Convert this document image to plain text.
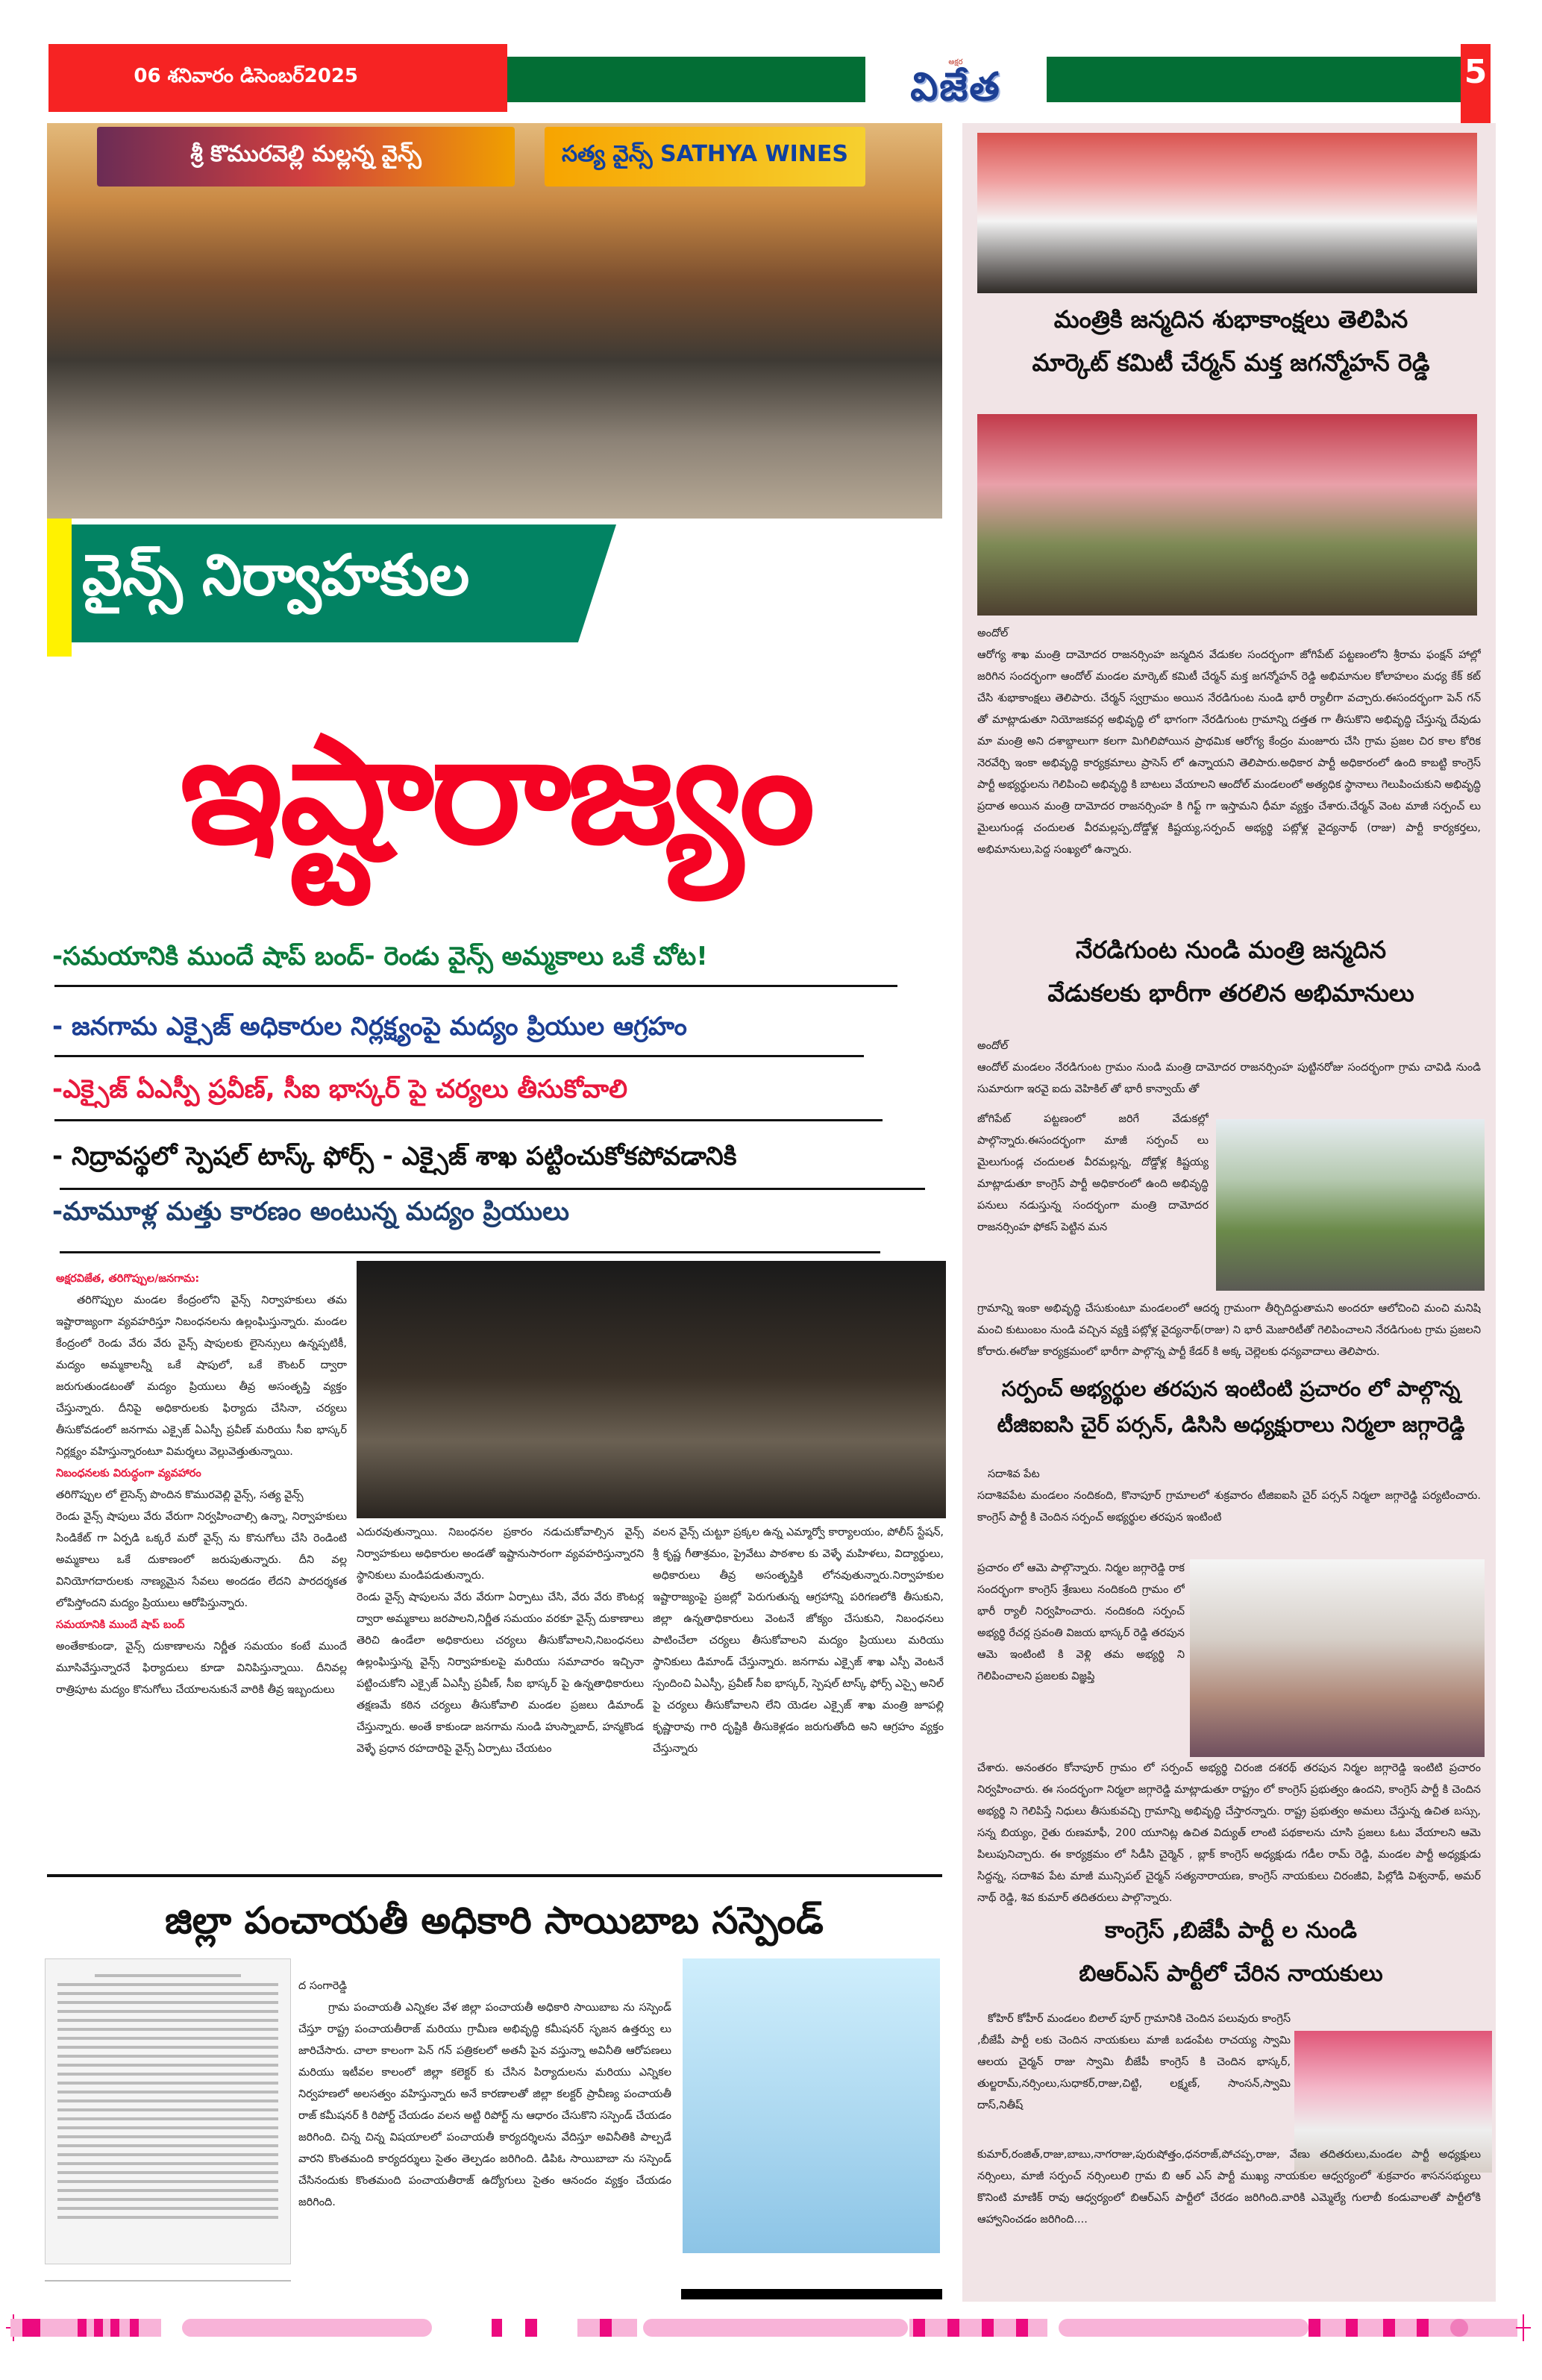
06 శనివారం డిసెంబర్2025
అక్షర
విజేత	5
శ్రీ కొమురవెల్లి మల్లన్న వైన్స్	సత్య వైన్స్ SATHYA WINES
వైన్స్ నిర్వాహకుల
ఇష్టారాజ్యం
-సమయానికి ముందే షాప్ బంద్- రెండు వైన్స్ అమ్మకాలు ఒకే చోట!
- జనగామ ఎక్సైజ్ అధికారుల నిర్లక్ష్యంపై మద్యం ప్రియుల ఆగ్రహం
-ఎక్సైజ్ ఏఎస్పీ ప్రవీణ్, సీఐ భాస్కర్ పై చర్యలు తీసుకోవాలి
- నిద్రావస్థలో స్పెషల్ టాస్క్ ఫోర్స్ - ఎక్సైజ్ శాఖ పట్టించుకోకపోవడానికి
-మామూళ్ల మత్తు కారణం అంటున్న మద్యం ప్రియులు
అక్షరవిజేత, తరిగొప్పుల/జనగామ:
తరిగొప్పుల మండల కేంద్రంలోని వైన్స్ నిర్వాహకులు తమ ఇష్టారాజ్యంగా వ్యవహరిస్తూ నిబంధనలను ఉల్లంఘిస్తున్నారు. మండల కేంద్రంలో రెండు వేరు వేరు వైన్స్ షాపులకు లైసెన్సులు ఉన్నప్పటికీ, మద్యం అమ్మకాలన్నీ ఒకే షాపులో, ఒకే కౌంటర్ ద్వారా జరుగుతుండటంతో మద్యం ప్రియులు తీవ్ర అసంతృప్తి వ్యక్తం చేస్తున్నారు. దీనిపై అధికారులకు ఫిర్యాదు చేసినా, చర్యలు తీసుకోవడంలో జనగామ ఎక్సైజ్ ఏఎస్పీ ప్రవీణ్ మరియు సీఐ భాస్కర్ నిర్లక్ష్యం వహిస్తున్నారంటూ విమర్శలు వెల్లువెత్తుతున్నాయి.
నిబంధనలకు విరుద్ధంగా వ్యవహారం
తరిగొప్పుల లో లైసెన్స్ పొందిన కొమురవెల్లి వైన్స్, సత్య వైన్స్
రెండు వైన్స్ షాపులు వేరు వేరుగా నిర్వహించాల్సి ఉన్నా, నిర్వాహకులు సిండికేట్ గా ఏర్పడి ఒక్కరే మరో వైన్స్ ను కొనుగోలు చేసి రెండింటి అమ్మకాలు ఒకే దుకాణంలో జరుపుతున్నారు. దీని వల్ల వినియోగదారులకు నాణ్యమైన సేవలు అందడం లేదని పారదర్శకత లోపిస్తోందని మద్యం ప్రియులు ఆరోపిస్తున్నారు.
సమయానికి ముందే షాప్ బంద్
అంతేకాకుండా, వైన్స్ దుకాణాలను నిర్ణీత సమయం కంటే ముందే మూసివేస్తున్నారనే ఫిర్యాదులు కూడా వినిపిస్తున్నాయి. దీనివల్ల రాత్రిపూట మద్యం కొనుగోలు చేయాలనుకునే వారికి తీవ్ర ఇబ్బందులు
ఎదురవుతున్నాయి. నిబంధనల ప్రకారం నడుచుకోవాల్సిన వైన్స్ నిర్వాహకులు అధికారుల అండతో ఇష్టానుసారంగా వ్యవహరిస్తున్నారని స్థానికులు మండిపడుతున్నారు.
రెండు వైన్స్ షాపులను వేరు వేరుగా ఏర్పాటు చేసి, వేరు వేరు కౌంటర్ల ద్వారా అమ్మకాలు జరపాలని,నిర్ణీత సమయం వరకూ వైన్స్ దుకాణాలు తెరిచి ఉండేలా అధికారులు చర్యలు తీసుకోవాలని,నిబంధనలు ఉల్లంఘిస్తున్న వైన్స్ నిర్వాహకులపై మరియు సమాచారం ఇచ్చినా పట్టించుకోని ఎక్సైజ్ ఏఎస్పీ ప్రవీణ్, సీఐ భాస్కర్ పై ఉన్నతాధికారులు తక్షణమే కఠిన చర్యలు తీసుకోవాలి మండల ప్రజలు డిమాండ్ చేస్తున్నారు. అంతే కాకుండా జనగామ నుండి హుస్నాబాద్, హన్మకొండ వెళ్ళే ప్రధాన రహదారిపై వైన్స్ ఏర్పాటు చేయటం
వలన వైన్స్ చుట్టూ ప్రక్కల ఉన్న ఎమ్మార్వో కార్యాలయం, పోలీస్ స్టేషన్, శ్రీ కృష్ణ గీతాశ్రమం, ప్రైవేటు పాఠశాల కు వెళ్ళే మహిళలు, విద్యార్థులు, అధికారులు తీవ్ర అసంతృప్తికి లోనవుతున్నారు.నిర్వాహకుల ఇష్టారాజ్యంపై ప్రజల్లో పెరుగుతున్న ఆగ్రహాన్ని పరిగణలోకి తీసుకుని, జిల్లా ఉన్నతాధికారులు వెంటనే జోక్యం చేసుకుని, నిబంధనలు పాటించేలా చర్యలు తీసుకోవాలని మద్యం ప్రియులు మరియు స్థానికులు డిమాండ్ చేస్తున్నారు. జనగామ ఎక్సైజ్ శాఖ ఎస్పీ వెంటనే స్పందించి ఏఎస్పీ, ప్రవీణ్ సీఐ భాస్కర్, స్పెషల్ టాస్క్ ఫోర్స్ ఎస్సై అనిల్ పై చర్యలు తీసుకోవాలని లేని యెడల ఎక్సైజ్ శాఖ మంత్రి జూపల్లి కృష్ణారావు గారి దృష్టికి తీసుకెళ్లడం జరుగుతోంది అని ఆగ్రహం వ్యక్తం చేస్తున్నారు
జిల్లా పంచాయతీ అధికారి సాయిబాబ సస్పెండ్
ద సంగారెడ్డి
గ్రామ పంచాయతీ ఎన్నికల వేళ జిల్లా పంచాయతీ అధికారి సాయిబాబ ను సస్పెండ్ చేస్తూ రాష్ట్ర పంచాయతీరాజ్ మరియు గ్రామీణ అభివృద్ధి కమీషనర్ సృజన ఉత్తర్వు లు జారిచేసారు. చాలా కాలంగా పెన్ గన్ పత్రికలలో అతనీ పైన వస్తున్నా అవినీతి ఆరోపణలు మరియు ఇటీవల కాలంలో జిల్లా కలెక్టర్ కు చేసిన పిర్యాదులను మరియు ఎన్నికల నిర్వహణలో అలసత్వం వహిస్తున్నారు అనే కారణాలతో జిల్లా కలక్టర్ ప్రావీణ్య పంచాయతీ రాజ్ కమీషనర్ కి రిపోర్ట్ చేయడం వలన అట్టి రిపోర్ట్ ను ఆధారం చేసుకొని సస్పెండ్ చేయడం జరిగింది. చిన్న చిన్న విషయాలలో పంచాయతీ కార్యదర్శిలను వేదిస్తూ అవినీతికి పాల్పడే వారని కొంతమంది కార్యదర్శులు సైతం తెల్పడం జరిగింది. డిపిఓ సాయిబాబా ను సస్పెండ్ చేసినందుకు కొంతమంది పంచాయతీరాజ్ ఉద్యోగులు సైతం ఆనందం వ్యక్తం చేయడం జరిగింది.
మంత్రికి జన్మదిన శుభాకాంక్షలు తెలిపిన
మార్కెట్ కమిటీ చేర్మన్ మక్త జగన్మోహన్ రెడ్డి
అందోల్
ఆరోగ్య శాఖ మంత్రి దామోదర రాజనర్సింహ జన్మదిన వేడుకల సందర్భంగా జోగిపేట్ పట్టణంలోని శ్రీరామ ఫంక్షన్ హాల్లో జరిగిన సందర్భంగా ఆందోల్ మండల మార్కెట్ కమిటీ చేర్మన్ మక్త జగన్మోహన్ రెడ్డి అభిమానుల కోలాహలం మధ్య కేక్ కట్ చేసి శుభాకాంక్షలు తెలిపారు. చేర్మన్ స్వగ్రామం అయిన నేరడిగుంట నుండి భారీ ర్యాలీగా వచ్చారు.ఈసందర్భంగా పెన్ గన్ తో మాట్లాడుతూ నియోజకవర్గ అభివృద్ధి లో భాగంగా నేరడిగుంట గ్రామాన్ని దత్తత గా తీసుకొని అభివృద్ధి చేస్తున్న దేవుడు మా మంత్రి అని దశాబ్దాలుగా కలగా మిగిలిపోయిన ప్రాథమిక ఆరోగ్య కేంద్రం మంజూరు చేసి గ్రామ ప్రజల చిర కాల కోరిక నెరవేర్చి ఇంకా అభివృద్ధి కార్యక్రమాలు ప్రాసెస్ లో ఉన్నాయని తెలిపారు.అధికార పార్టీ అధికారంలో ఉంది కాబట్టి కాంగ్రెస్ పార్టీ అభ్యర్థులను గెలిపించి అభివృద్ధి కి బాటలు వేయాలని ఆందోల్ మండలంలో అత్యధిక స్థానాలు గెలుపించుకుని అభివృద్ధి ప్రదాత అయిన మంత్రి దామోదర రాజనర్సింహ కి గిఫ్ట్ గా ఇస్తామని ధీమా వ్యక్తం చేశారు.చేర్మన్ వెంట మాజీ సర్పంచ్ లు మైలుగుండ్ల చందులత వీరమల్లప్ప,దోడ్డోళ్ల కిష్టయ్య,సర్పంచ్ అభ్యర్థి పట్లోళ్ల వైద్యనాథ్ (రాజు) పార్టీ కార్యకర్తలు, అభిమానులు,పెద్ద సంఖ్యలో ఉన్నారు.
నేరడిగుంట నుండి మంత్రి జన్మదిన
వేడుకలకు భారీగా తరలిన అభిమానులు
అందోల్
ఆందోల్ మండలం నేరడిగుంట గ్రామం నుండి మంత్రి దామోదర రాజనర్సింహ పుట్టినరోజు సందర్భంగా గ్రామ చావిడి నుండి సుమారుగా ఇరవై ఐదు వెహికిల్ తో భారీ కాన్వాయ్ తో
జోగిపేట్ పట్టణంలో జరిగే వేడుకల్లో పాల్గొన్నారు.ఈసందర్భంగా మాజీ సర్పంచ్ లు మైలుగుండ్ల చందులత వీరమల్లన్న, దోడ్డోళ్ల కిష్టయ్య మాట్లాడుతూ కాంగ్రెస్ పార్టీ అధికారంలో ఉంది అభివృద్ధి పనులు నడుస్తున్న సందర్భంగా మంత్రి దామోదర రాజనర్సింహ ఫోకస్ పెట్టిన మన
గ్రామాన్ని ఇంకా అభివృద్ధి చేసుకుంటూ మండలంలో ఆదర్శ గ్రామంగా తీర్చిదిద్దుతామని అందరూ ఆలోచించి మంచి మనిషి మంచి కుటుంబం నుండి వచ్చిన వ్యక్తి పట్లోళ్ల వైద్యనాథ్(రాజు) ని భారీ మెజారిటీతో గెలిపించాలని నేరడిగుంట గ్రామ ప్రజలని కోరారు.ఈరోజు కార్యక్రమంలో భారీగా పాల్గొన్న పార్టీ కేడర్ కి అక్క చెల్లెలకు ధన్యవాదాలు తెలిపారు.
సర్పంచ్ అభ్యర్థుల తరపున ఇంటింటి ప్రచారం లో పాల్గొన్న
టీజిఐఐసి చైర్ పర్సన్, డిసిసి అధ్యక్షురాలు నిర్మలా జగ్గారెడ్డి
సదాశివ పేట
సదాశివపేట మండలం నందికంది, కొనాపూర్ గ్రామాలలో శుక్రవారం టీజిఐఐసి చైర్ పర్సన్ నిర్మలా జగ్గారెడ్డి పర్యటించారు. కాంగ్రెస్ పార్టీ కి చెందిన సర్పంచ్ అభ్యర్థుల తరపున ఇంటింటి
ప్రచారం లో ఆమె పాల్గొన్నారు. నిర్మల జగ్గారెడ్డి రాక సందర్భంగా కాంగ్రెస్ శ్రేణులు నందికంది గ్రామం లో భారీ ర్యాలీ నిర్వహించారు. నందికంది సర్పంచ్ అభ్యర్థి రేచర్ల స్రవంతి విజయ భాస్కర్ రెడ్డి తరపున ఆమె ఇంటింటి కి వెళ్లి తమ అభ్యర్థి ని గెలిపించాలని ప్రజలకు విజ్ఞప్తి
చేశారు. అనంతరం కోనాపూర్ గ్రామం లో సర్పంచ్ అభ్యర్థి చిరంజి దశరథ్ తరపున నిర్మల జగ్గారెడ్డి ఇంటిటి ప్రచారం నిర్వహించారు. ఈ సందర్భంగా నిర్మలా జగ్గారెడ్డి మాట్లాడుతూ రాష్ట్రం లో కాంగ్రెస్ ప్రభుత్వం ఉందని, కాంగ్రెస్ పార్టీ కి చెందిన అభ్యర్థి ని గెలిపిస్తే నిధులు తీసుకువచ్చి గ్రామాన్ని అభివృద్ధి చేస్తారన్నారు. రాష్ట్ర ప్రభుత్వం అమలు చేస్తున్న ఉచిత బస్సు, సన్న బియ్యం, రైతు రుణమాఫీ, 200 యూనిట్ల ఉచిత విద్యుత్ లాంటి పథకాలను చూసి ప్రజలు ఓటు వేయాలని ఆమె పిలుపునిచ్చారు. ఈ కార్యక్రమం లో సిడీసి చైర్మెన్ , బ్లాక్ కాంగ్రెస్ అధ్యక్షుడు గడీల రామ్ రెడ్డి, మండల పార్టీ అధ్యక్షుడు సిద్దన్న, సదాశివ పేట మాజీ మున్సిపల్ చైర్మన్ సత్యనారాయణ, కాంగ్రెస్ నాయకులు చిరంజీవి, పిల్లోడి విశ్వనాథ్, అమర్ నాథ్ రెడ్డి, శివ కుమార్ తదితరులు పాల్గొన్నారు.
కాంగ్రెస్ ,బిజేపీ పార్టీ ల నుండి
బిఆర్ఎస్ పార్టీలో చేరిన నాయకులు
కోహిర్ కోహీర్ మండలం బిలాల్ పూర్ గ్రామానికి చెందిన పలువురు కాంగ్రెస్ ,బీజేపీ పార్టీ లకు చెందిన నాయకులు మాజీ బడంపేట రాచయ్య స్వామి ఆలయ చైర్మన్ రాజు స్వామి బీజేపీ కాంగ్రెస్ కి చెందిన భాస్కర్, తుల్జరామ్,నర్సింలు,సుధాకర్,రాజు,చిట్టి, లక్ష్మణ్, సాంసన్,స్వామి దాస్,నితీష్
కుమార్,రంజిత్,రాజు,బాబు,నాగరాజు,పురుషోత్తం,ధనరాజ్,పోచప్ప,రాజు, వేణు తదితరులు,మండల పార్టీ అధ్యక్షులు నర్సింలు, మాజీ సర్పంచ్ నర్సింలులి గ్రామ బి ఆర్ ఎస్ పార్టీ ముఖ్య నాయకుల ఆధ్వర్యంలో శుక్రవారం శాసనసభ్యులు కొనింటి మాణిక్ రావు ఆధ్వర్యంలో బిఆర్ఎస్ పార్టీలో చేరడం జరిగింది.వారికి ఎమ్మెల్యే గులాబీ కండువాలతో పార్టీలోకి ఆహ్వానించడం జరిగింది....
